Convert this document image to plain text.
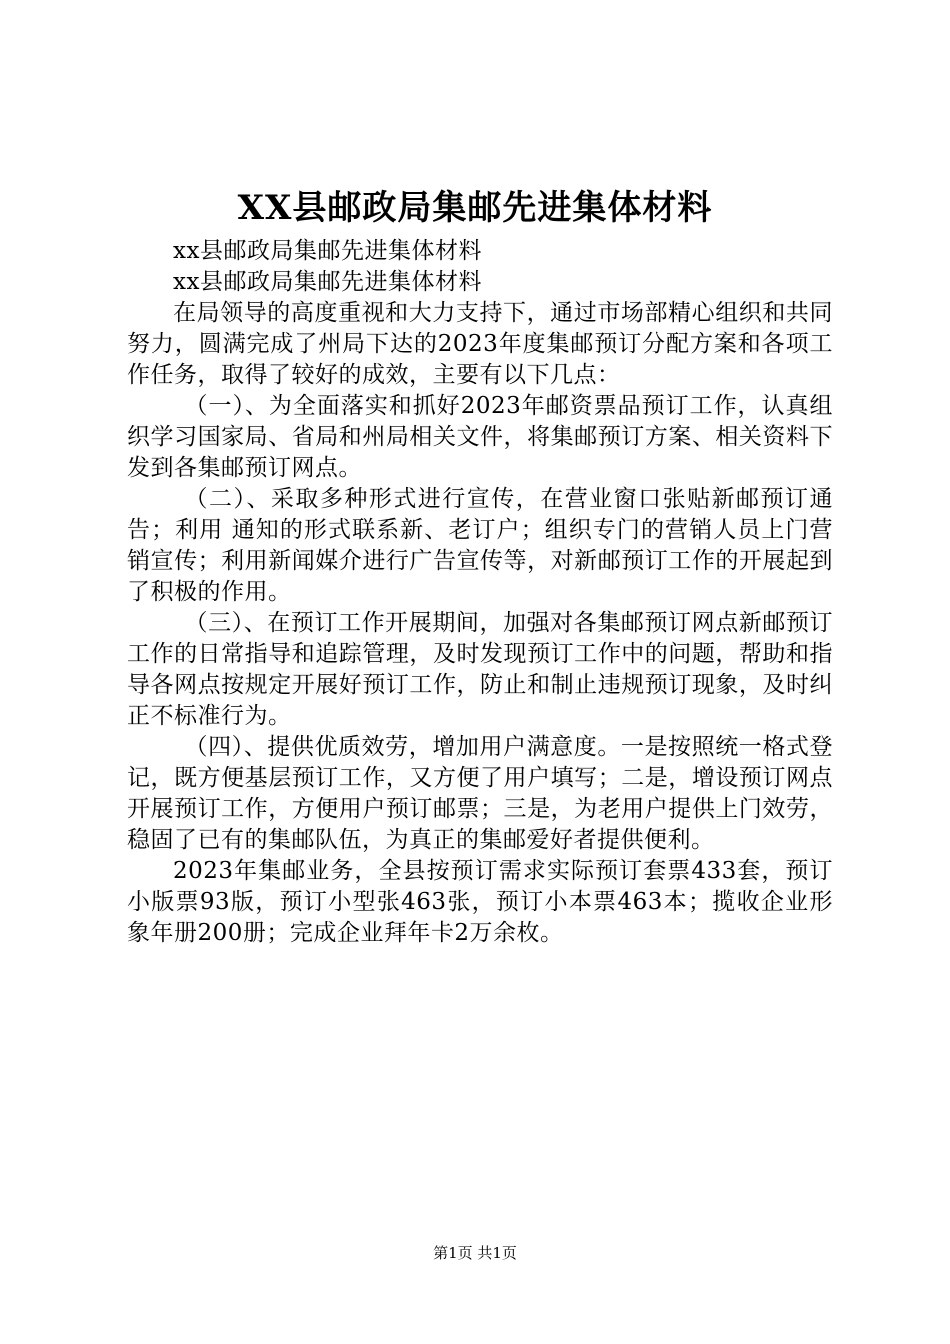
XX县邮政局集邮先进集体材料

xx县邮政局集邮先进集体材料

xx县邮政局集邮先进集体材料

在局领导的高度重视和大力支持下，通过市场部精心组织和共同努力，圆满完成了州局下达的2023年度集邮预订分配方案和各项工作任务，取得了较好的成效，主要有以下几点：

（一）、为全面落实和抓好2023年邮资票品预订工作，认真组织学习国家局、省局和州局相关文件，将集邮预订方案、相关资料下发到各集邮预订网点。

（二）、采取多种形式进行宣传，在营业窗口张贴新邮预订通告；利用 通知的形式联系新、老订户；组织专门的营销人员上门营销宣传；利用新闻媒介进行广告宣传等，对新邮预订工作的开展起到了积极的作用。

（三）、在预订工作开展期间，加强对各集邮预订网点新邮预订工作的日常指导和追踪管理，及时发现预订工作中的问题，帮助和指导各网点按规定开展好预订工作，防止和制止违规预订现象，及时纠正不标准行为。

（四）、提供优质效劳，增加用户满意度。一是按照统一格式登记，既方便基层预订工作，又方便了用户填写；二是，增设预订网点开展预订工作，方便用户预订邮票；三是，为老用户提供上门效劳，稳固了已有的集邮队伍，为真正的集邮爱好者提供便利。

2023年集邮业务，全县按预订需求实际预订套票433套，预订小版票93版，预订小型张463张，预订小本票463本；揽收企业形象年册200册；完成企业拜年卡2万余枚。

第1页 共1页
